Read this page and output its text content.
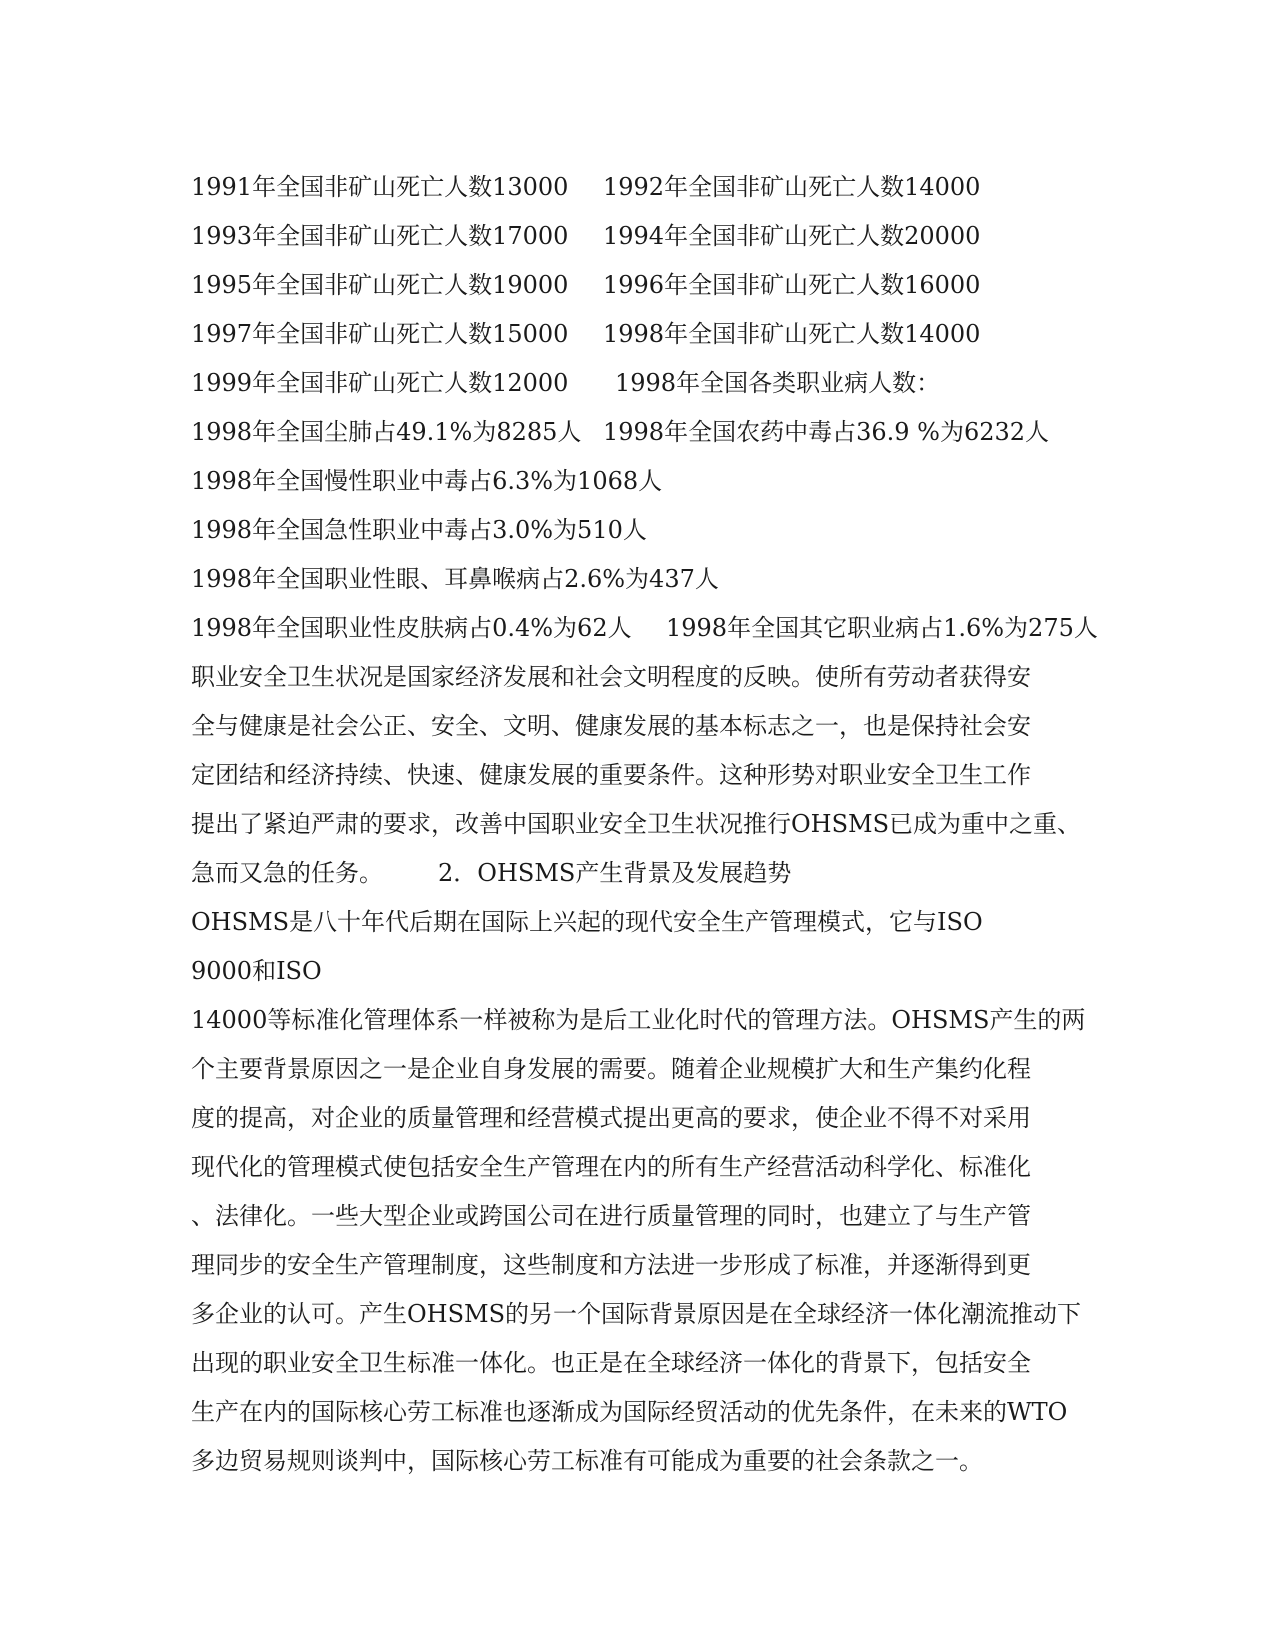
1991年全国非矿山死亡人数13000 1992年全国非矿山死亡人数14000
1993年全国非矿山死亡人数17000 1994年全国非矿山死亡人数20000
1995年全国非矿山死亡人数19000 1996年全国非矿山死亡人数16000
1997年全国非矿山死亡人数15000 1998年全国非矿山死亡人数14000
1999年全国非矿山死亡人数12000 1998年全国各类职业病人数：
1998年全国尘肺占49.1%为8285人 1998年全国农药中毒占36.9 %为6232人
1998年全国慢性职业中毒占6.3%为1068人
1998年全国急性职业中毒占3.0%为510人
1998年全国职业性眼、耳鼻喉病占2.6%为437人
1998年全国职业性皮肤病占0.4%为62人 1998年全国其它职业病占1.6%为275人
职业安全卫生状况是国家经济发展和社会文明程度的反映。使所有劳动者获得安
全与健康是社会公正、安全、文明、健康发展的基本标志之一，也是保持社会安
定团结和经济持续、快速、健康发展的重要条件。这种形势对职业安全卫生工作
提出了紧迫严肃的要求，改善中国职业安全卫生状况推行OHSMS已成为重中之重、
急而又急的任务。 2．OHSMS产生背景及发展趋势
OHSMS是八十年代后期在国际上兴起的现代安全生产管理模式，它与ISO
9000和ISO
14000等标准化管理体系一样被称为是后工业化时代的管理方法。OHSMS产生的两
个主要背景原因之一是企业自身发展的需要。随着企业规模扩大和生产集约化程
度的提高，对企业的质量管理和经营模式提出更高的要求，使企业不得不对采用
现代化的管理模式使包括安全生产管理在内的所有生产经营活动科学化、标准化
、法律化。一些大型企业或跨国公司在进行质量管理的同时，也建立了与生产管
理同步的安全生产管理制度，这些制度和方法进一步形成了标准，并逐渐得到更
多企业的认可。产生OHSMS的另一个国际背景原因是在全球经济一体化潮流推动下
出现的职业安全卫生标准一体化。也正是在全球经济一体化的背景下，包括安全
生产在内的国际核心劳工标准也逐渐成为国际经贸活动的优先条件，在未来的WTO
多边贸易规则谈判中，国际核心劳工标准有可能成为重要的社会条款之一。
